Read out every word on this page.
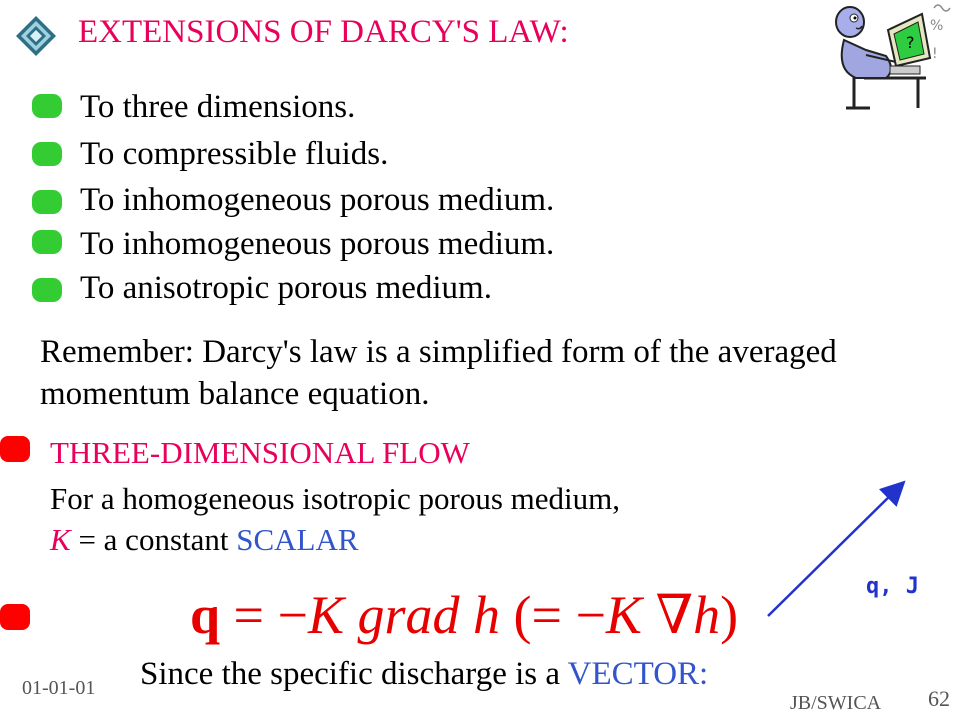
EXTENSIONS OF DARCY'S LAW:	?
%
!
To three dimensions.
To compressible fluids.
To inhomogeneous porous medium.
To inhomogeneous porous medium.
To anisotropic porous medium.
Remember: Darcy's law is a simplified form of the averaged
momentum balance equation.
THREE-DIMENSIONAL FLOW
For a homogeneous isotropic porous medium,
K = a constant SCALAR
q, J
q = −K grad h (= −K ∇h)
01-01-01 Since the specific discharge is a VECTOR:
JB/SWICA 62
